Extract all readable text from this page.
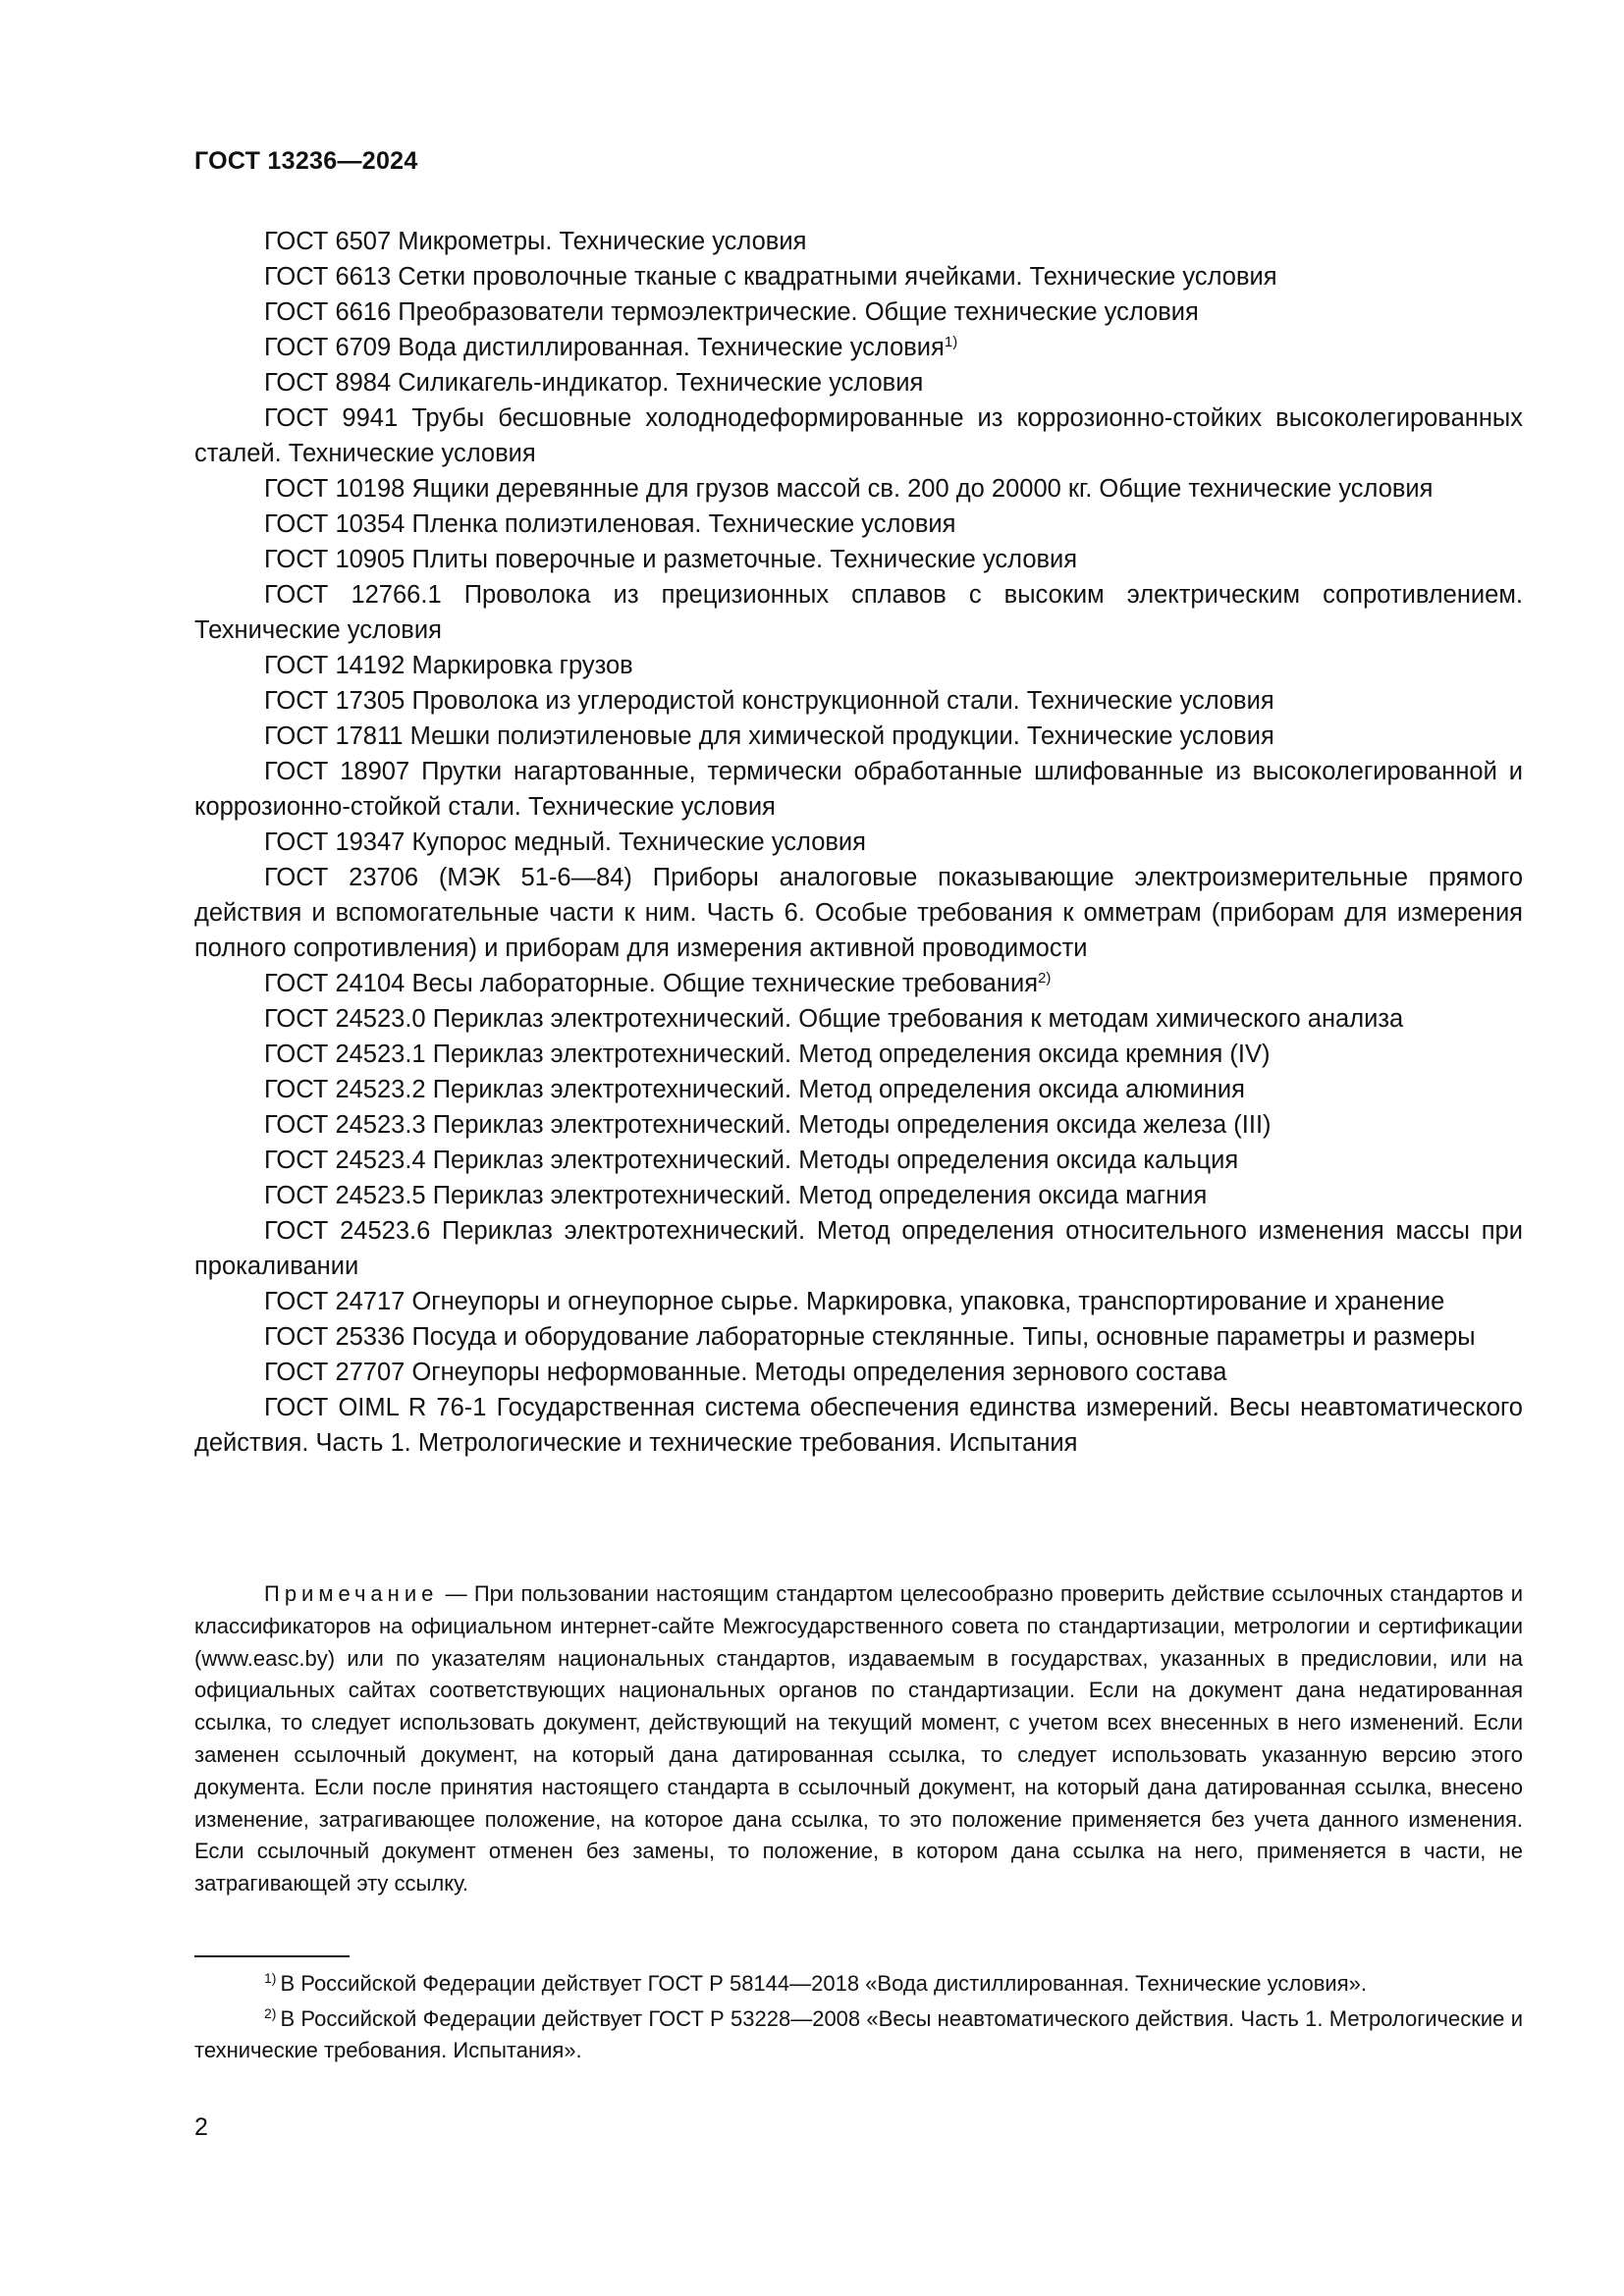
ГОСТ 13236—2024

ГОСТ 6507 Микрометры. Технические условия

ГОСТ 6613 Сетки проволочные тканые с квадратными ячейками. Технические условия

ГОСТ 6616 Преобразователи термоэлектрические. Общие технические условия

ГОСТ 6709 Вода дистиллированная. Технические условия$^{1)}$

ГОСТ 8984 Силикагель-индикатор. Технические условия

ГОСТ 9941 Трубы бесшовные холоднодеформированные из коррозионно-стойких высоколегированных сталей. Технические условия

ГОСТ 10198 Ящики деревянные для грузов массой св. 200 до 20000 кг. Общие технические условия

ГОСТ 10354 Пленка полиэтиленовая. Технические условия

ГОСТ 10905 Плиты поверочные и разметочные. Технические условия

ГОСТ 12766.1 Проволока из прецизионных сплавов с высоким электрическим сопротивлением. Технические условия

ГОСТ 14192 Маркировка грузов

ГОСТ 17305 Проволока из углеродистой конструкционной стали. Технические условия

ГОСТ 17811 Мешки полиэтиленовые для химической продукции. Технические условия

ГОСТ 18907 Прутки нагартованные, термически обработанные шлифованные из высоколегированной и коррозионно-стойкой стали. Технические условия

ГОСТ 19347 Купорос медный. Технические условия

ГОСТ 23706 (МЭК 51-6—84) Приборы аналоговые показывающие электроизмерительные прямого действия и вспомогательные части к ним. Часть 6. Особые требования к омметрам (приборам для измерения полного сопротивления) и приборам для измерения активной проводимости

ГОСТ 24104 Весы лабораторные. Общие технические требования$^{2)}$

ГОСТ 24523.0 Периклаз электротехнический. Общие требования к методам химического анализа

ГОСТ 24523.1 Периклаз электротехнический. Метод определения оксида кремния (IV)

ГОСТ 24523.2 Периклаз электротехнический. Метод определения оксида алюминия

ГОСТ 24523.3 Периклаз электротехнический. Методы определения оксида железа (III)

ГОСТ 24523.4 Периклаз электротехнический. Методы определения оксида кальция

ГОСТ 24523.5 Периклаз электротехнический. Метод определения оксида магния

ГОСТ 24523.6 Периклаз электротехнический. Метод определения относительного изменения массы при прокаливании

ГОСТ 24717 Огнеупоры и огнеупорное сырье. Маркировка, упаковка, транспортирование и хранение

ГОСТ 25336 Посуда и оборудование лабораторные стеклянные. Типы, основные параметры и размеры

ГОСТ 27707 Огнеупоры неформованные. Методы определения зернового состава

ГОСТ OIML R 76-1 Государственная система обеспечения единства измерений. Весы неавтоматического действия. Часть 1. Метрологические и технические требования. Испытания

Примечание — При пользовании настоящим стандартом целесообразно проверить действие ссылочных стандартов и классификаторов на официальном интернет-сайте Межгосударственного совета по стандартизации, метрологии и сертификации (www.easc.by) или по указателям национальных стандартов, издаваемым в государствах, указанных в предисловии, или на официальных сайтах соответствующих национальных органов по стандартизации. Если на документ дана недатированная ссылка, то следует использовать документ, действующий на текущий момент, с учетом всех внесенных в него изменений. Если заменен ссылочный документ, на который дана датированная ссылка, то следует использовать указанную версию этого документа. Если после принятия настоящего стандарта в ссылочный документ, на который дана датированная ссылка, внесено изменение, затрагивающее положение, на которое дана ссылка, то это положение применяется без учета данного изменения. Если ссылочный документ отменен без замены, то положение, в котором дана ссылка на него, применяется в части, не затрагивающей эту ссылку.

$^{1)}$ В Российской Федерации действует ГОСТ Р 58144—2018 «Вода дистиллированная. Технические условия».

$^{2)}$ В Российской Федерации действует ГОСТ Р 53228—2008 «Весы неавтоматического действия. Часть 1. Метрологические и технические требования. Испытания».

2
